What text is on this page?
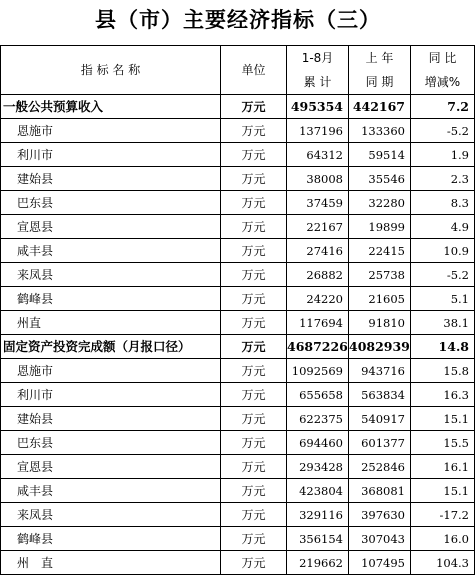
县（市）主要经济指标（三）
指 标 名 称	单位	1-8月	上 年	同 比
		累 计	同 期	增减%
一般公共预算收入	万元	495354	442167	7.2
恩施市	万元	137196	133360	-5.2
利川市	万元	64312	59514	1.9
建始县	万元	38008	35546	2.3
巴东县	万元	37459	32280	8.3
宣恩县	万元	22167	19899	4.9
咸丰县	万元	27416	22415	10.9
来凤县	万元	26882	25738	-5.2
鹤峰县	万元	24220	21605	5.1
州直	万元	117694	91810	38.1
固定资产投资完成额（月报口径）	万元	4687226	4082939	14.8
恩施市	万元	1092569	943716	15.8
利川市	万元	655658	563834	16.3
建始县	万元	622375	540917	15.1
巴东县	万元	694460	601377	15.5
宣恩县	万元	293428	252846	16.1
咸丰县	万元	423804	368081	15.1
来凤县	万元	329116	397630	-17.2
鹤峰县	万元	356154	307043	16.0
州　直	万元	219662	107495	104.3
